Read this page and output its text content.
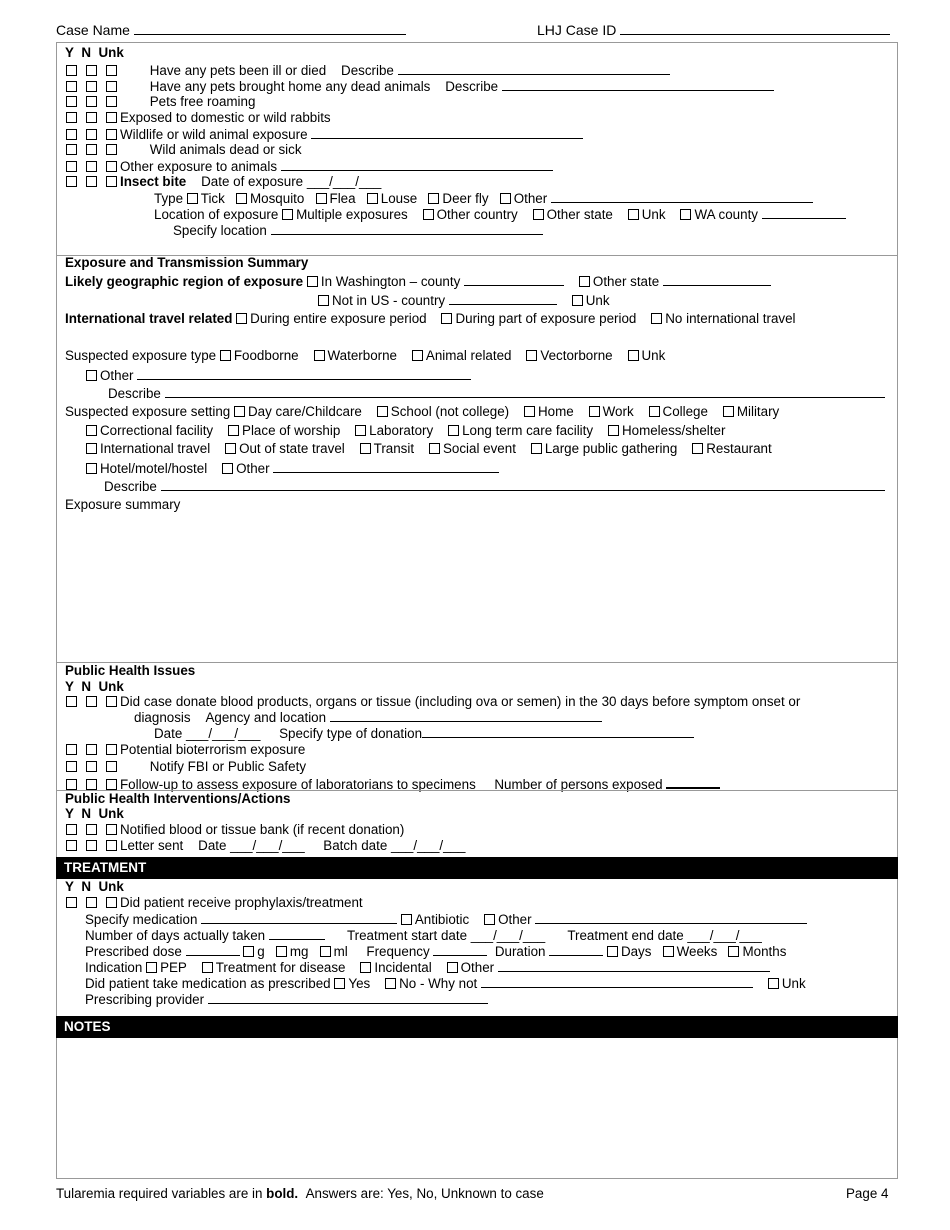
Case Name	LHJ Case ID
Y N Unk
Have any pets been ill or died Describe
Have any pets brought home any dead animals Describe
Pets free roaming
Exposed to domestic or wild rabbits
Wildlife or wild animal exposure
Wild animals dead or sick
Other exposure to animals
Insect bite Date of exposure ___/___/___
Type Tick Mosquito Flea Louse Deer fly Other
Location of exposure Multiple exposures Other country Other state Unk WA county
Specify location
Exposure and Transmission Summary
Likely geographic region of exposure In Washington – county	Other state
Not in US - country	Unk
International travel related During entire exposure period During part of exposure period No international travel
Suspected exposure type Foodborne Waterborne Animal related Vectorborne Unk
Other
Describe
Suspected exposure setting Day care/Childcare School (not college) Home Work College Military
Correctional facility Place of worship Laboratory Long term care facility Homeless/shelter
International travel Out of state travel Transit Social event Large public gathering Restaurant
Hotel/motel/hostel Other
Describe
Exposure summary
Public Health Issues
Y N Unk
Did case donate blood products, organs or tissue (including ova or semen) in the 30 days before symptom onset or
diagnosis Agency and location
Date ___/___/___ Specify type of donation
Potential bioterrorism exposure
Notify FBI or Public Safety
Follow-up to assess exposure of laboratorians to specimens Number of persons exposed
Public Health Interventions/Actions
Y N Unk
Notified blood or tissue bank (if recent donation)
Letter sent Date ___/___/___ Batch date ___/___/___
TREATMENT
Y N Unk
Did patient receive prophylaxis/treatment
Specify medication	Antibiotic Other
Number of days actually taken	Treatment start date ___/___/___ Treatment end date ___/___/___
Prescribed dose	g mg ml Frequency	Duration	Days Weeks Months
Indication PEP Treatment for disease Incidental Other
Did patient take medication as prescribed Yes No - Why not	Unk
Prescribing provider
NOTES
Tularemia required variables are in bold. Answers are: Yes, No, Unknown to case	Page 4
